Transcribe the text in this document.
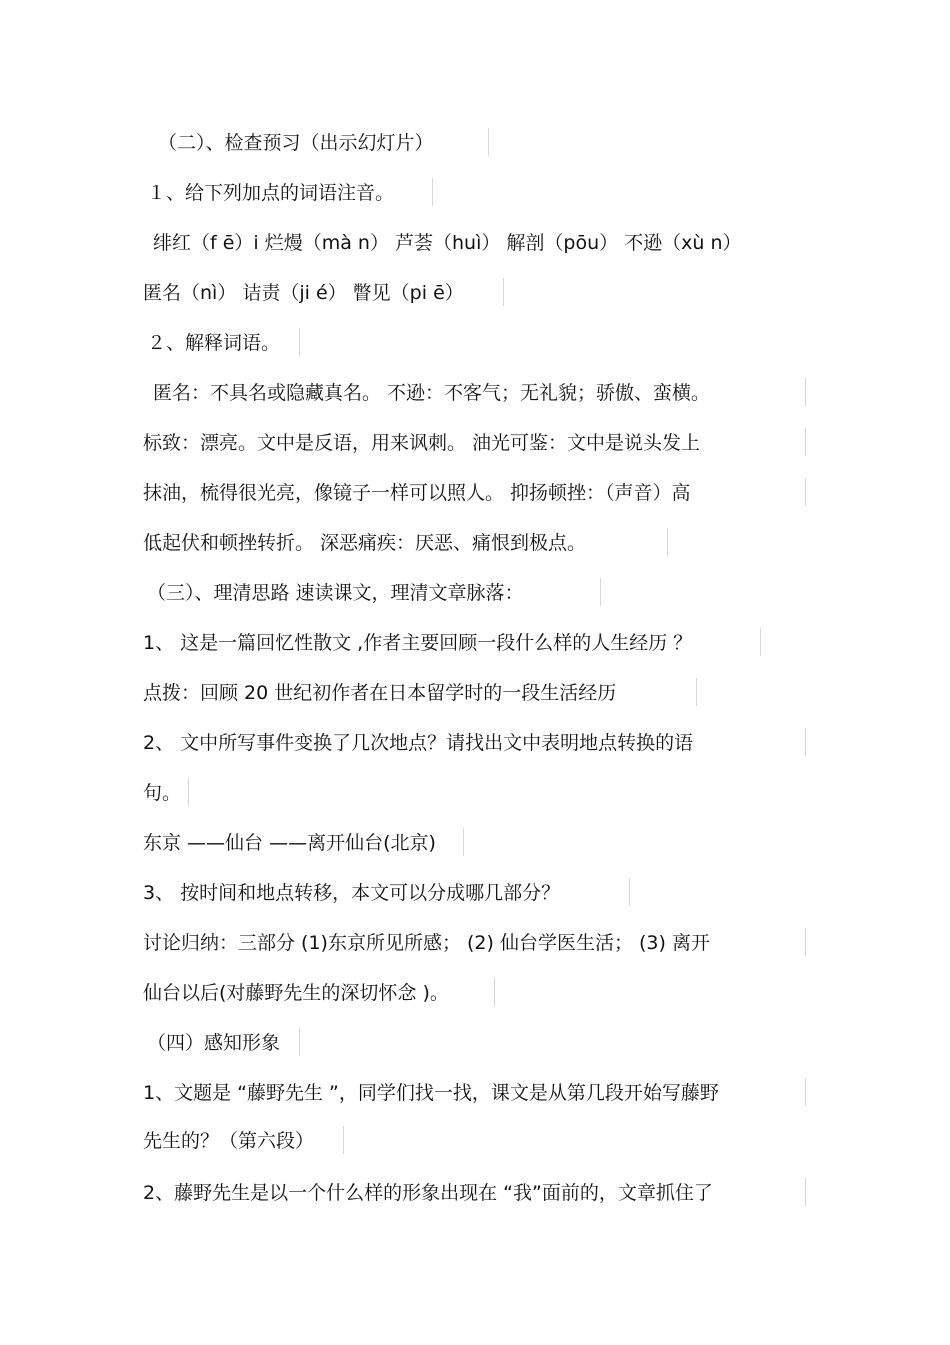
（二）、检查预习（出示幻灯片）
１、给下列加点的词语注音。
绯红（f ē）i 烂熳（mà n） 芦荟（huì） 解剖（pōu） 不逊（xù n）
匿名（nì） 诘责（ji é） 瞥见（pi ē）
２、解释词语。
匿名：不具名或隐藏真名。 不逊：不客气；无礼貌；骄傲、蛮横。
标致：漂亮。文中是反语，用来讽刺。 油光可鉴：文中是说头发上
抹油，梳得很光亮，像镜子一样可以照人。 抑扬顿挫：（声音）高
低起伏和顿挫转折。 深恶痛疾：厌恶、痛恨到极点。
（三）、理清思路 速读课文，理清文章脉落：
1、 这是一篇回忆性散文 ,作者主要回顾一段什么样的人生经历 ？
点拨：回顾 20 世纪初作者在日本留学时的一段生活经历
2、 文中所写事件变换了几次地点？请找出文中表明地点转换的语
句。
东京 ——仙台 ——离开仙台(北京)
3、 按时间和地点转移，本文可以分成哪几部分？
讨论归纳：三部分 (1)东京所见所感； (2) 仙台学医生活； (3) 离开
仙台以后(对藤野先生的深切怀念 )。
（四）感知形象
1、文题是 “藤野先生 ”，同学们找一找，课文是从第几段开始写藤野
先生的？（第六段）
2、藤野先生是以一个什么样的形象出现在 “我”面前的，文章抓住了
